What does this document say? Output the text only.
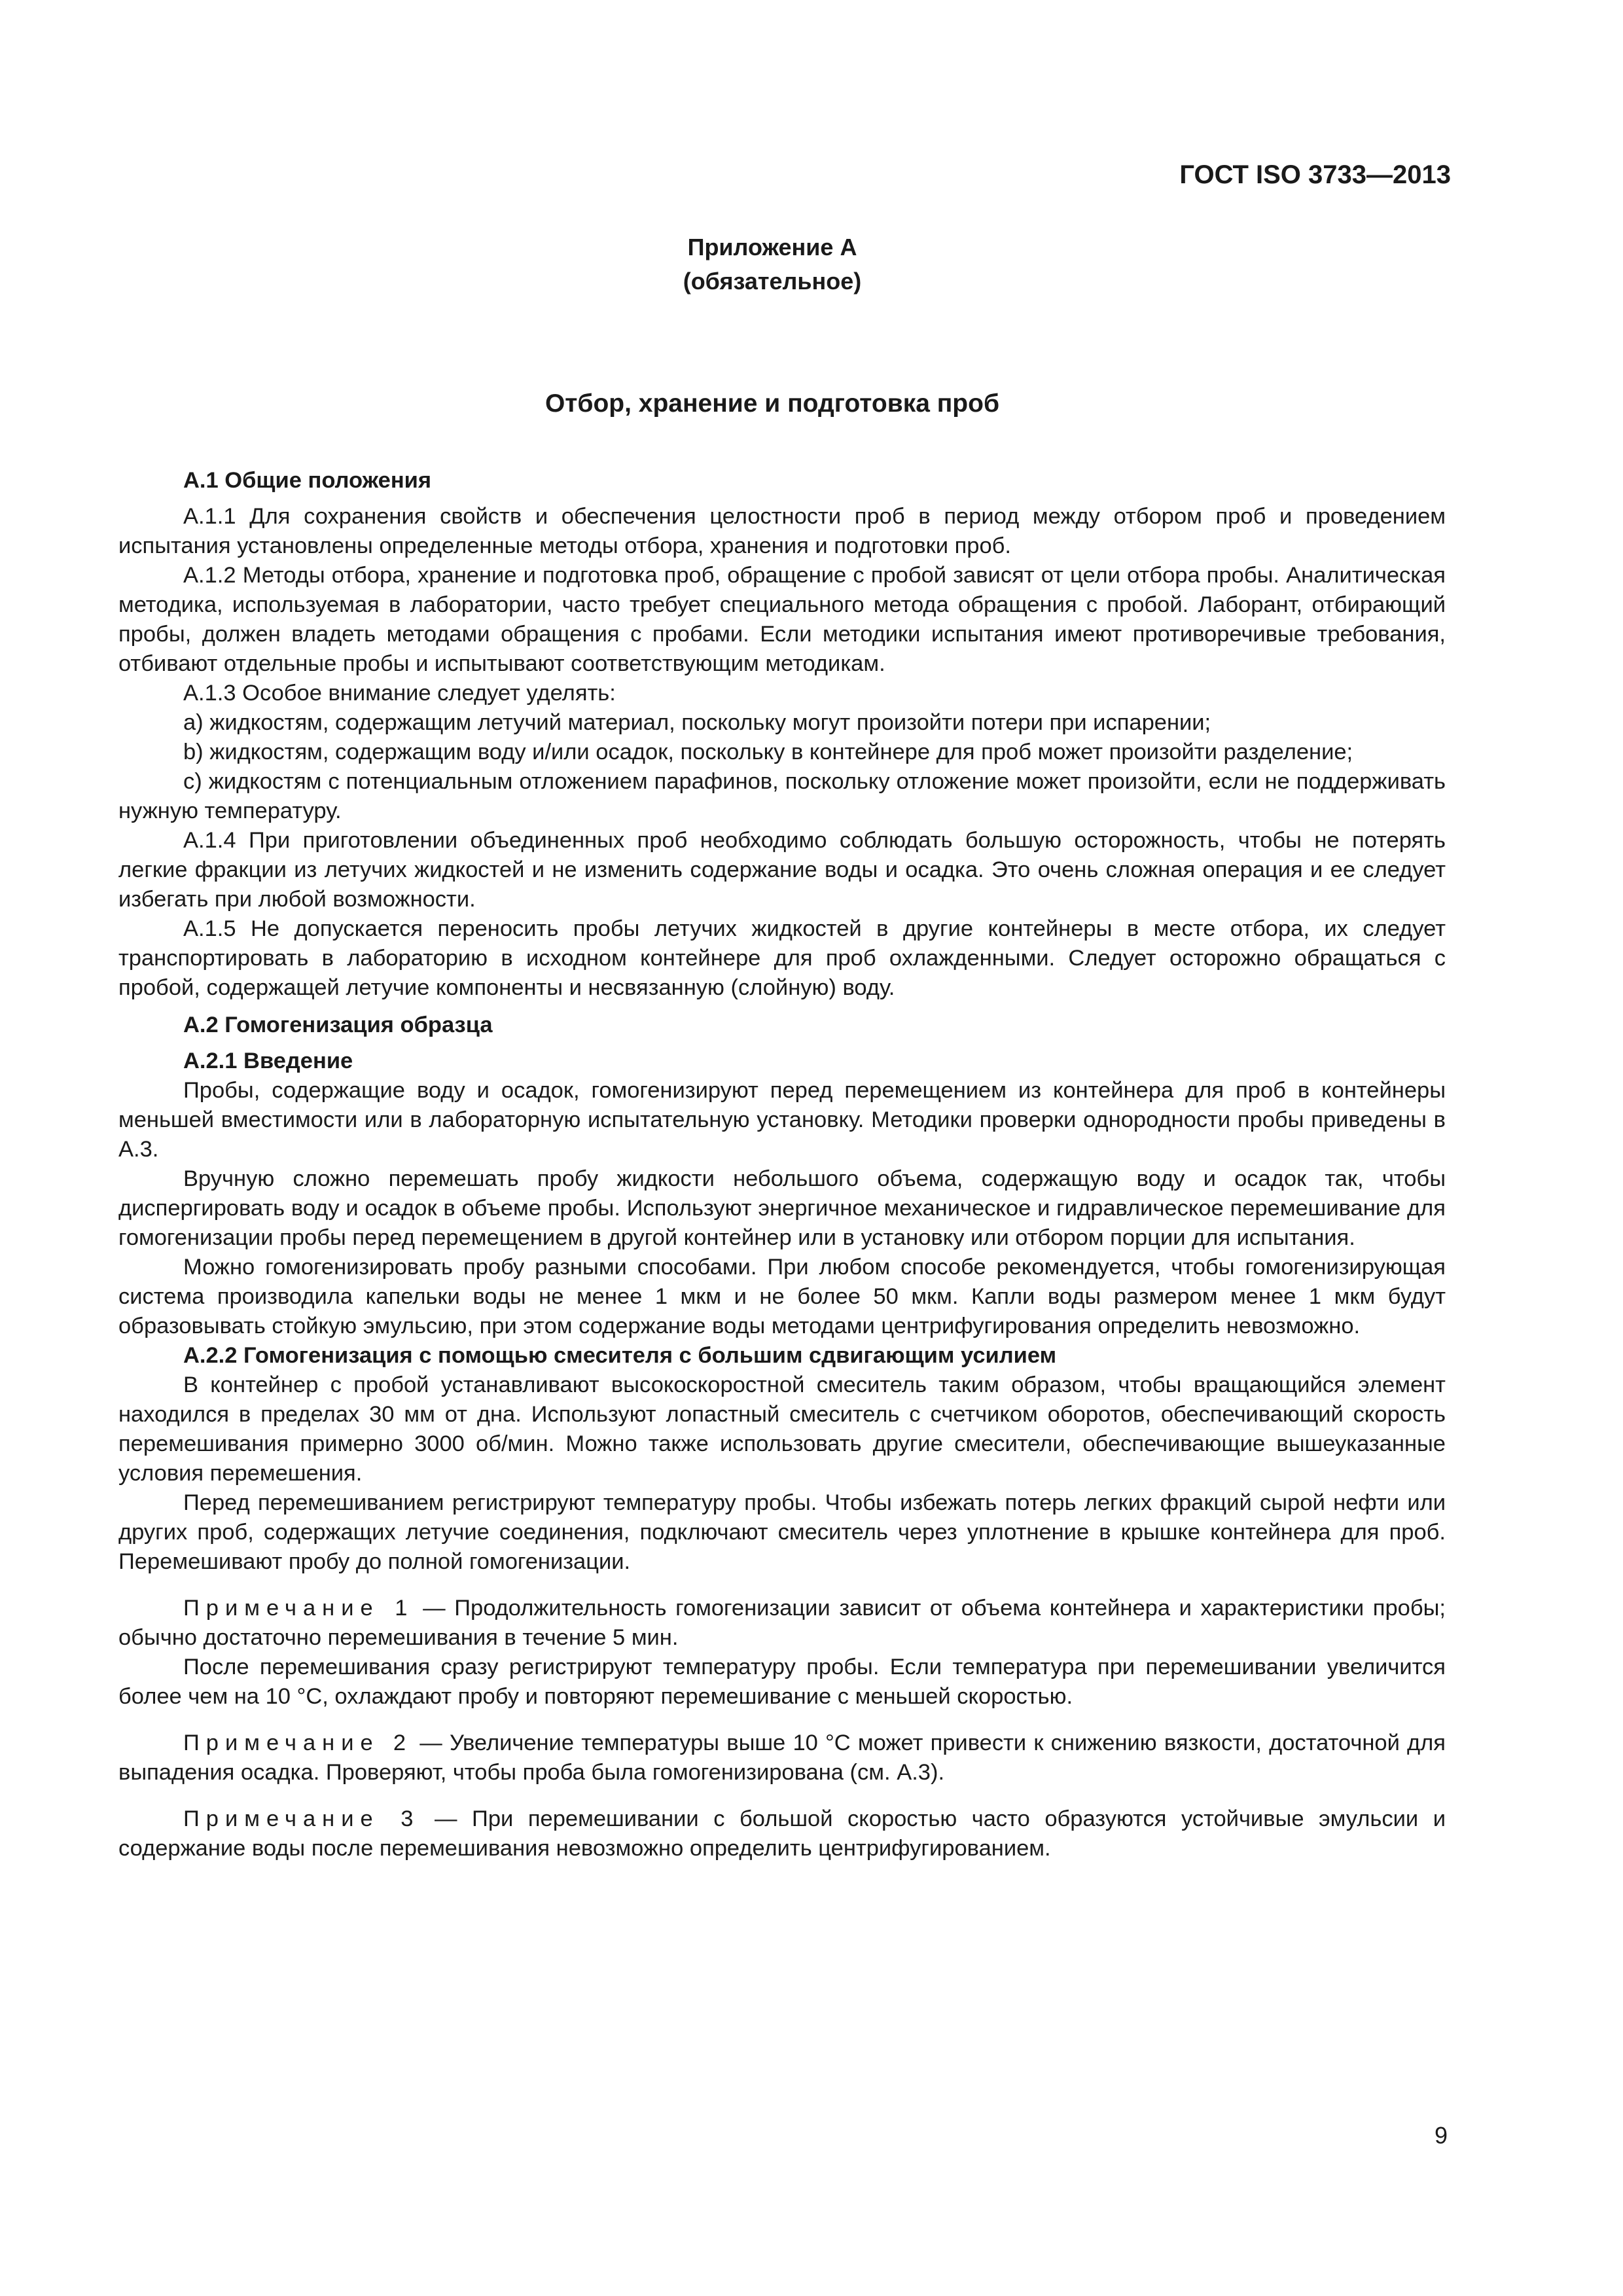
ГОСТ ISO 3733—2013
Приложение А
(обязательное)
Отбор, хранение и подготовка проб

А.1 Общие положения

А.1.1 Для сохранения свойств и обеспечения целостности проб в период между отбором проб и проведением испытания установлены определенные методы отбора, хранения и подготовки проб.

А.1.2 Методы отбора, хранение и подготовка проб, обращение с пробой зависят от цели отбора пробы. Аналитическая методика, используемая в лаборатории, часто требует специального метода обращения с пробой. Лаборант, отбирающий пробы, должен владеть методами обращения с пробами. Если методики испытания имеют противоречивые требования, отбивают отдельные пробы и испытывают соответствующим методикам.

А.1.3 Особое внимание следует уделять:

a) жидкостям, содержащим летучий материал, поскольку могут произойти потери при испарении;

b) жидкостям, содержащим воду и/или осадок, поскольку в контейнере для проб может произойти разделение;

c) жидкостям с потенциальным отложением парафинов, поскольку отложение может произойти, если не поддерживать нужную температуру.

А.1.4 При приготовлении объединенных проб необходимо соблюдать большую осторожность, чтобы не потерять легкие фракции из летучих жидкостей и не изменить содержание воды и осадка. Это очень сложная операция и ее следует избегать при любой возможности.

А.1.5 Не допускается переносить пробы летучих жидкостей в другие контейнеры в месте отбора, их следует транспортировать в лабораторию в исходном контейнере для проб охлажденными. Следует осторожно обращаться с пробой, содержащей летучие компоненты и несвязанную (слойную) воду.

А.2 Гомогенизация образца

А.2.1 Введение

Пробы, содержащие воду и осадок, гомогенизируют перед перемещением из контейнера для проб в контейнеры меньшей вместимости или в лабораторную испытательную установку. Методики проверки однородности пробы приведены в А.3.

Вручную сложно перемешать пробу жидкости небольшого объема, содержащую воду и осадок так, чтобы диспергировать воду и осадок в объеме пробы. Используют энергичное механическое и гидравлическое перемешивание для гомогенизации пробы перед перемещением в другой контейнер или в установку или отбором порции для испытания.

Можно гомогенизировать пробу разными способами. При любом способе рекомендуется, чтобы гомогенизирующая система производила капельки воды не менее 1 мкм и не более 50 мкм. Капли воды размером менее 1 мкм будут образовывать стойкую эмульсию, при этом содержание воды методами центрифугирования определить невозможно.

А.2.2 Гомогенизация с помощью смесителя с большим сдвигающим усилием

В контейнер с пробой устанавливают высокоскоростной смеситель таким образом, чтобы вращающийся элемент находился в пределах 30 мм от дна. Используют лопастный смеситель с счетчиком оборотов, обеспечивающий скорость перемешивания примерно 3000 об/мин. Можно также использовать другие смесители, обеспечивающие вышеуказанные условия перемешения.

Перед перемешиванием регистрируют температуру пробы. Чтобы избежать потерь легких фракций сырой нефти или других проб, содержащих летучие соединения, подключают смеситель через уплотнение в крышке контейнера для проб. Перемешивают пробу до полной гомогенизации.

Примечание 1 — Продолжительность гомогенизации зависит от объема контейнера и характеристики пробы; обычно достаточно перемешивания в течение 5 мин.

После перемешивания сразу регистрируют температуру пробы. Если температура при перемешивании увеличится более чем на 10 °С, охлаждают пробу и повторяют перемешивание с меньшей скоростью.

Примечание 2 — Увеличение температуры выше 10 °С может привести к снижению вязкости, достаточной для выпадения осадка. Проверяют, чтобы проба была гомогенизирована (см. А.3).

Примечание 3 — При перемешивании с большой скоростью часто образуются устойчивые эмульсии и содержание воды после перемешивания невозможно определить центрифугированием.

9
